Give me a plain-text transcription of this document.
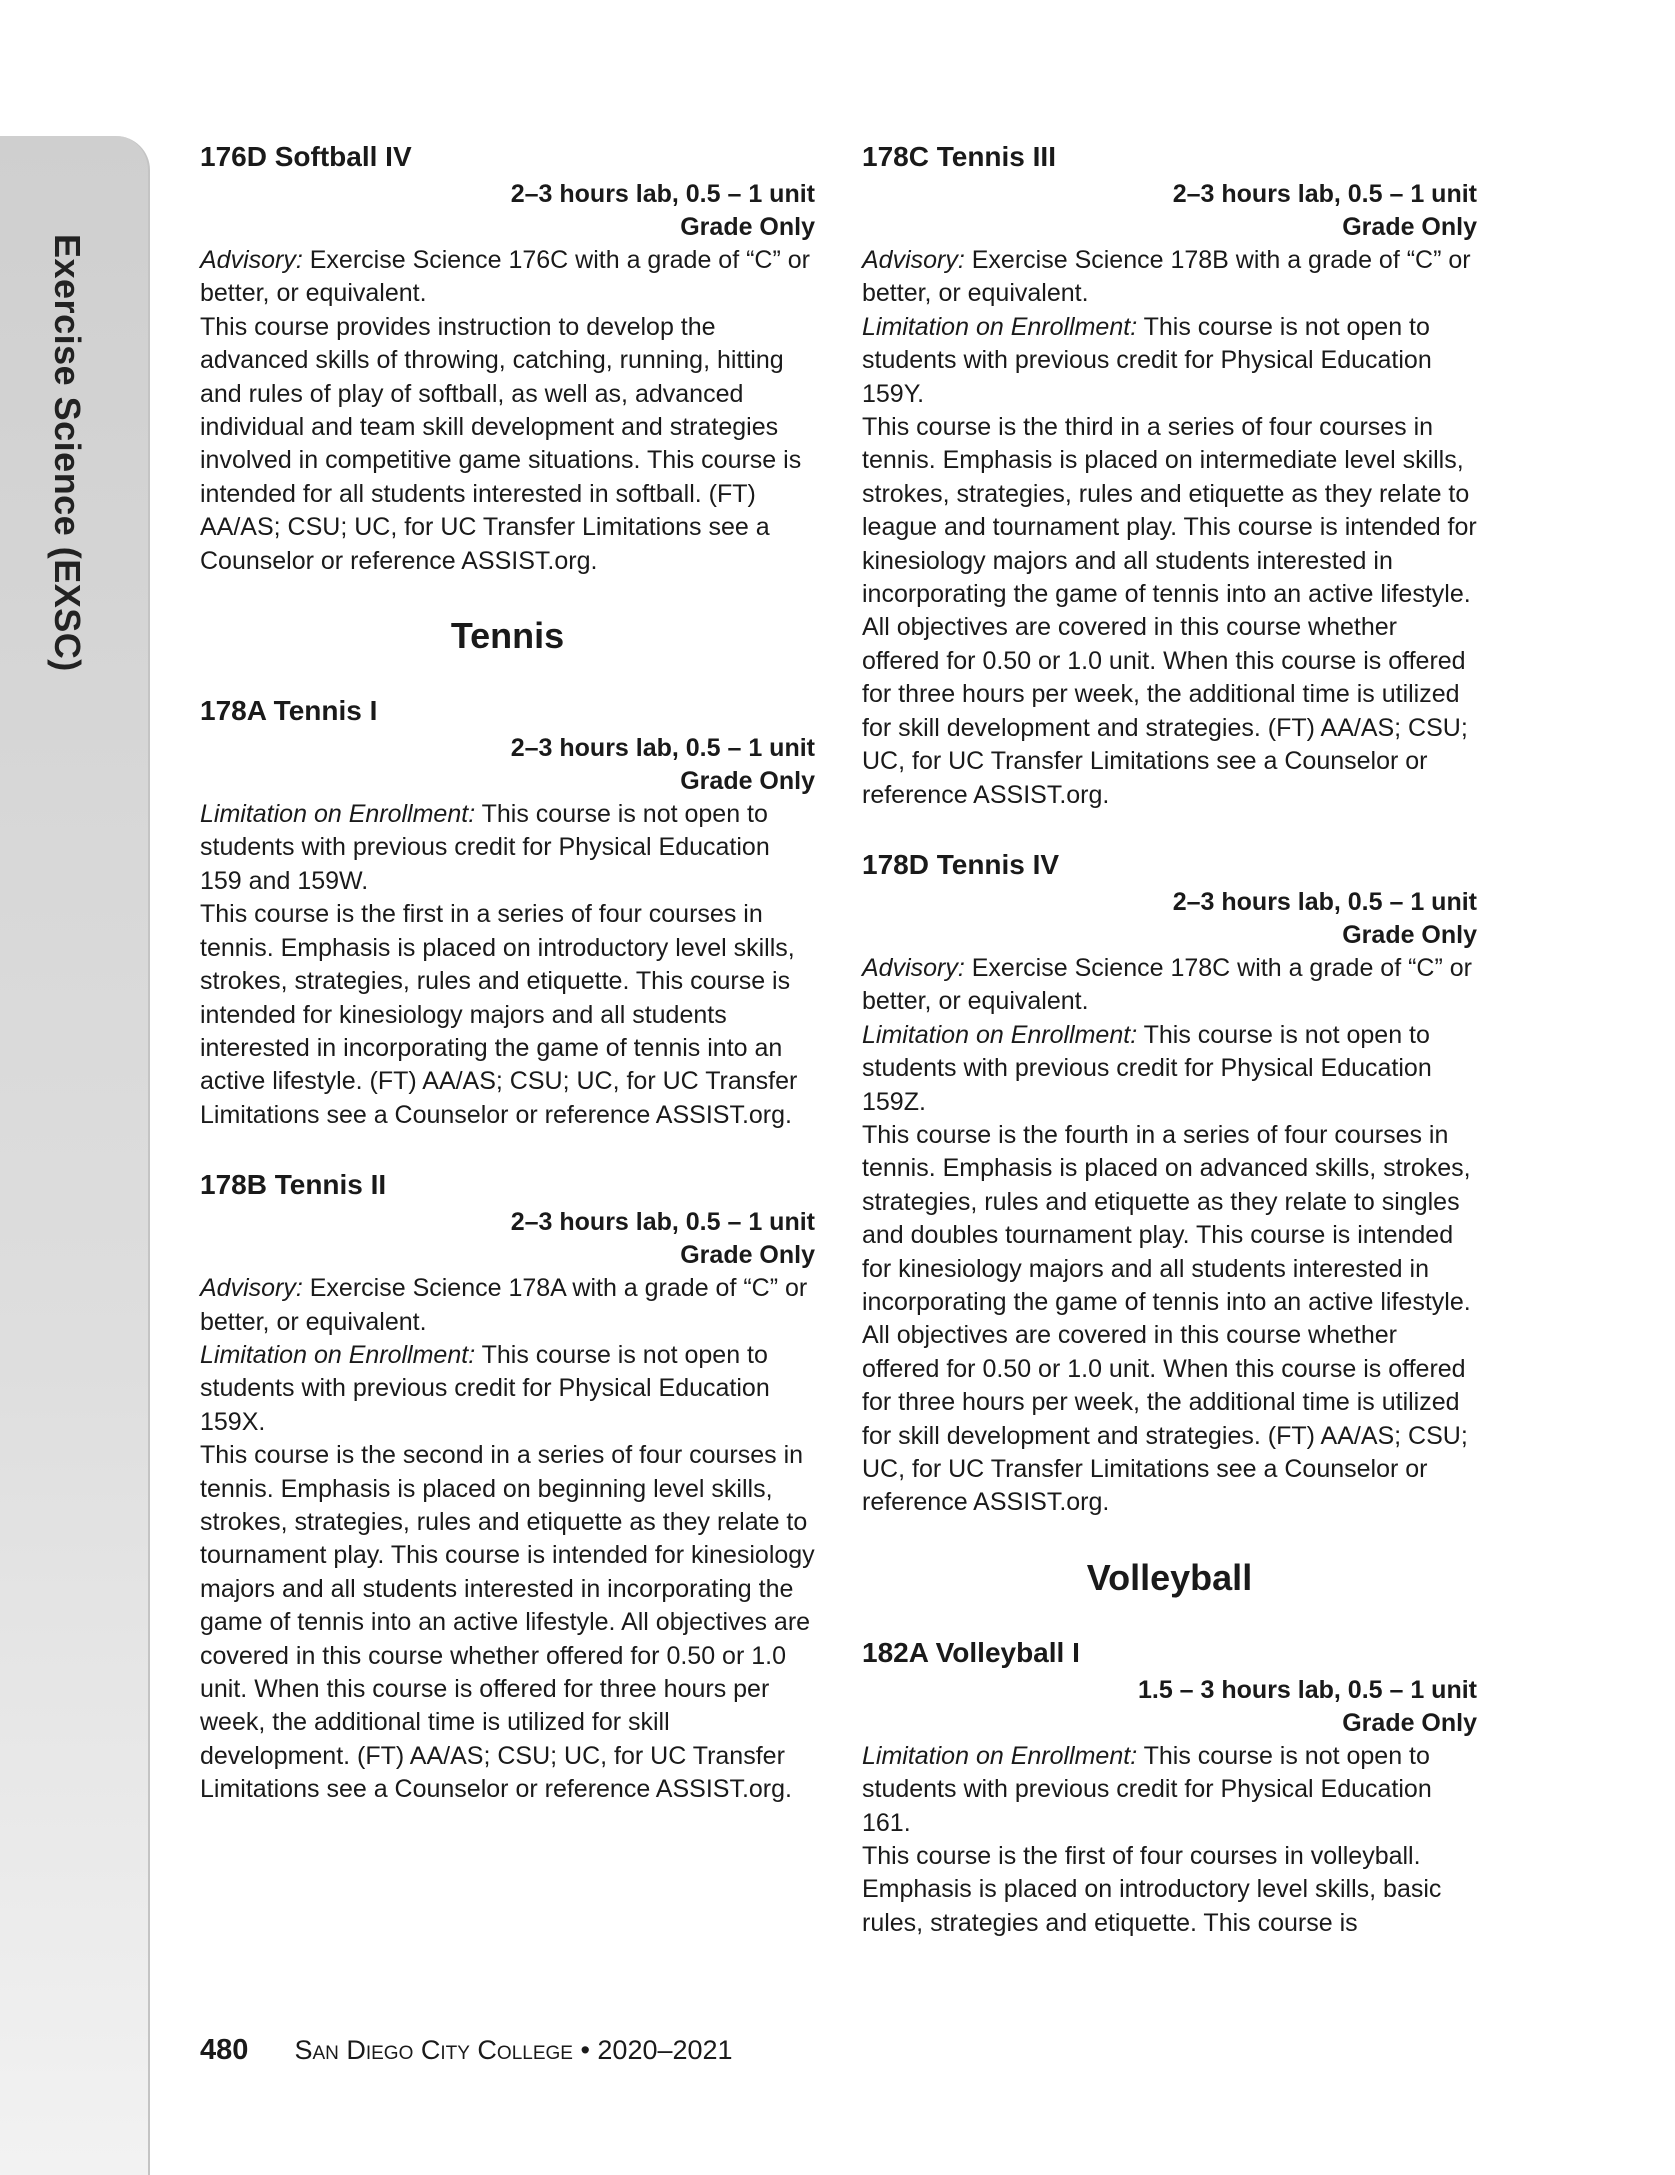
Exercise Science (EXSC)
176D Softball IV
2–3 hours lab, 0.5 – 1 unit
Grade Only

Advisory: Exercise Science 176C with a grade of “C” or better, or equivalent.

This course provides instruction to develop the advanced skills of throwing, catching, running, hitting and rules of play of softball, as well as, advanced individual and team skill development and strategies involved in competitive game situations. This course is intended for all students interested in softball. (FT) AA/AS; CSU; UC, for UC Transfer Limitations see a Counselor or reference ASSIST.org.

Tennis
178A Tennis I
2–3 hours lab, 0.5 – 1 unit
Grade Only

Limitation on Enrollment: This course is not open to students with previous credit for Physical Education 159 and 159W.

This course is the first in a series of four courses in tennis. Emphasis is placed on introductory level skills, strokes, strategies, rules and etiquette. This course is intended for kinesiology majors and all students interested in incorporating the game of tennis into an active lifestyle. (FT) AA/AS; CSU; UC, for UC Transfer Limitations see a Counselor or reference ASSIST.org.

178B Tennis II
2–3 hours lab, 0.5 – 1 unit
Grade Only

Advisory: Exercise Science 178A with a grade of “C” or better, or equivalent.

Limitation on Enrollment: This course is not open to students with previous credit for Physical Education 159X.

This course is the second in a series of four courses in tennis. Emphasis is placed on beginning level skills, strokes, strategies, rules and etiquette as they relate to tournament play. This course is intended for kinesiology majors and all students interested in incorporating the game of tennis into an active lifestyle. All objectives are covered in this course whether offered for 0.50 or 1.0 unit. When this course is offered for three hours per week, the additional time is utilized for skill development. (FT) AA/AS; CSU; UC, for UC Transfer Limitations see a Counselor or reference ASSIST.org.

178C Tennis III
2–3 hours lab, 0.5 – 1 unit
Grade Only

Advisory: Exercise Science 178B with a grade of “C” or better, or equivalent.

Limitation on Enrollment: This course is not open to students with previous credit for Physical Education 159Y.

This course is the third in a series of four courses in tennis. Emphasis is placed on intermediate level skills, strokes, strategies, rules and etiquette as they relate to league and tournament play. This course is intended for kinesiology majors and all students interested in incorporating the game of tennis into an active lifestyle. All objectives are covered in this course whether offered for 0.50 or 1.0 unit. When this course is offered for three hours per week, the additional time is utilized for skill development and strategies. (FT) AA/AS; CSU; UC, for UC Transfer Limitations see a Counselor or reference ASSIST.org.

178D Tennis IV
2–3 hours lab, 0.5 – 1 unit
Grade Only

Advisory: Exercise Science 178C with a grade of “C” or better, or equivalent.

Limitation on Enrollment: This course is not open to students with previous credit for Physical Education 159Z.

This course is the fourth in a series of four courses in tennis. Emphasis is placed on advanced skills, strokes, strategies, rules and etiquette as they relate to singles and doubles tournament play. This course is intended for kinesiology majors and all students interested in incorporating the game of tennis into an active lifestyle. All objectives are covered in this course whether offered for 0.50 or 1.0 unit. When this course is offered for three hours per week, the additional time is utilized for skill development and strategies. (FT) AA/AS; CSU; UC, for UC Transfer Limitations see a Counselor or reference ASSIST.org.

Volleyball
182A Volleyball I
1.5 – 3 hours lab, 0.5 – 1 unit
Grade Only

Limitation on Enrollment: This course is not open to students with previous credit for Physical Education 161.

This course is the first of four courses in volleyball. Emphasis is placed on introductory level skills, basic rules, strategies and etiquette. This course is

480 San Diego City College • 2020–2021
